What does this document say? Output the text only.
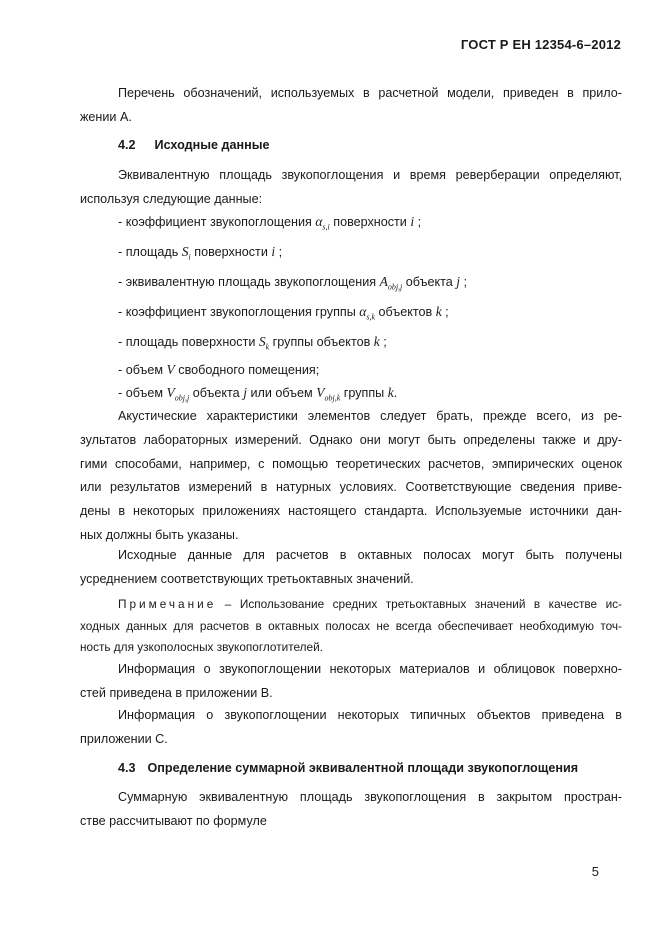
ГОСТ Р ЕН 12354-6–2012
Перечень обозначений, используемых в расчетной модели, приведен в прило-
жении А.
4.2 Исходные данные
Эквивалентную площадь звукопоглощения и время реверберации определяют,
используя следующие данные:
- коэффициент звукопоглощения $\alpha_{s,i}$ поверхности i ;
- площадь $S_i$ поверхности i ;
- эквивалентную площадь звукопоглощения $A_{obj,j}$ объекта j ;
- коэффициент звукопоглощения группы $\alpha_{s,k}$ объектов k ;
- площадь поверхности $S_k$ группы объектов k ;
- объем V свободного помещения;
- объем $V_{obj,j}$ объекта j или объем $V_{obj,k}$ группы k.
Акустические характеристики элементов следует брать, прежде всего, из ре-
зультатов лабораторных измерений. Однако они могут быть определены также и дру-
гими способами, например, с помощью теоретических расчетов, эмпирических оценок
или результатов измерений в натурных условиях. Соответствующие сведения приве-
дены в некоторых приложениях настоящего стандарта. Используемые источники дан-
ных должны быть указаны.
Исходные данные для расчетов в октавных полосах могут быть получены
усреднением соответствующих третьоктавных значений.
Примечание – Использование средних третьоктавных значений в качестве ис-
ходных данных для расчетов в октавных полосах не всегда обеспечивает необходимую точ-
ность для узкополосных звукопоглотителей.
Информация о звукопоглощении некоторых материалов и облицовок поверхно-
стей приведена в приложении В.
Информация о звукопоглощении некоторых типичных объектов приведена в
приложении С.
4.3 Определение суммарной эквивалентной площади звукопоглощения
Суммарную эквивалентную площадь звукопоглощения в закрытом простран-
стве рассчитывают по формуле
5
